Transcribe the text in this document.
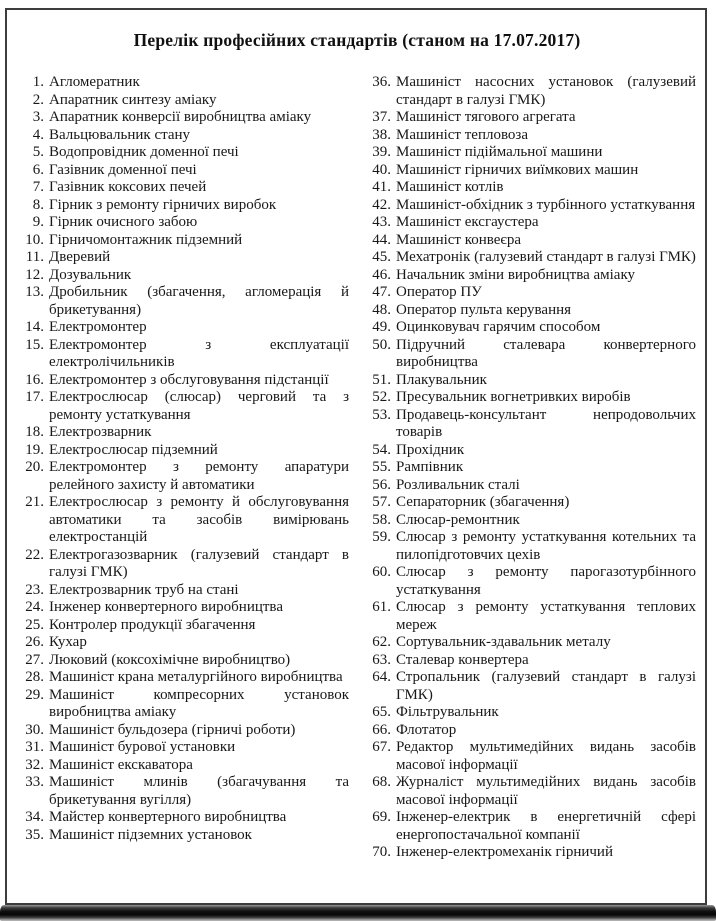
Перелік професійних стандартів (станом на 17.07.2017)
1. Агломератник
2. Апаратник синтезу аміаку
3. Апаратник конверсії виробництва аміаку
4. Вальцювальник стану
5. Водопровідник доменної печі
6. Газівник доменної печі
7. Газівник коксових печей
8. Гірник з ремонту гірничих виробок
9. Гірник очисного забою
10. Гірничомонтажник підземний
11. Дверевий
12. Дозувальник
13. Дробильник (збагачення, агломерація й брикетування)
14. Електромонтер
15. Електромонтер з експлуатації електролічильників
16. Електромонтер з обслуговування підстанції
17. Електрослюсар (слюсар) черговий та з ремонту устаткування
18. Електрозварник
19. Електрослюсар підземний
20. Електромонтер з ремонту апаратури релейного захисту й автоматики
21. Електрослюсар з ремонту й обслуговування автоматики та засобів вимірювань електростанцій
22. Електрогазозварник (галузевий стандарт в галузі ГМК)
23. Електрозварник труб на стані
24. Інженер конвертерного виробництва
25. Контролер продукції збагачення
26. Кухар
27. Люковий (коксохімічне виробництво)
28. Машиніст крана металургійного виробництва
29. Машиніст компресорних установок виробництва аміаку
30. Машиніст бульдозера (гірничі роботи)
31. Машиніст бурової установки
32. Машиніст екскаватора
33. Машиніст млинів (збагачування та брикетування вугілля)
34. Майстер конвертерного виробництва
35. Машиніст підземних установок
36. Машиніст насосних установок (галузевий стандарт в галузі ГМК)
37. Машиніст тягового агрегата
38. Машиніст тепловоза
39. Машиніст підіймальної машини
40. Машиніст гірничих виїмкових машин
41. Машиніст котлів
42. Машиніст-обхідник з турбінного устаткування
43. Машиніст ексгаустера
44. Машиніст конвеєра
45. Мехатронік (галузевий стандарт в галузі ГМК)
46. Начальник зміни виробництва аміаку
47. Оператор ПУ
48. Оператор пульта керування
49. Оцинковувач гарячим способом
50. Підручний сталевара конвертерного виробництва
51. Плакувальник
52. Пресувальник вогнетривких виробів
53. Продавець-консультант непродовольчих товарів
54. Прохідник
55. Рампівник
56. Розливальник сталі
57. Сепараторник (збагачення)
58. Слюсар-ремонтник
59. Слюсар з ремонту устаткування котельних та пилопідготовчих цехів
60. Слюсар з ремонту парогазотурбінного устаткування
61. Слюсар з ремонту устаткування теплових мереж
62. Сортувальник-здавальник металу
63. Сталевар конвертера
64. Стропальник (галузевий стандарт в галузі ГМК)
65. Фільтрувальник
66. Флотатор
67. Редактор мультимедійних видань засобів масової інформації
68. Журналіст мультимедійних видань засобів масової інформації
69. Інженер-електрик в енергетичній сфері енергопостачальної компанії
70. Інженер-електромеханік гірничий
